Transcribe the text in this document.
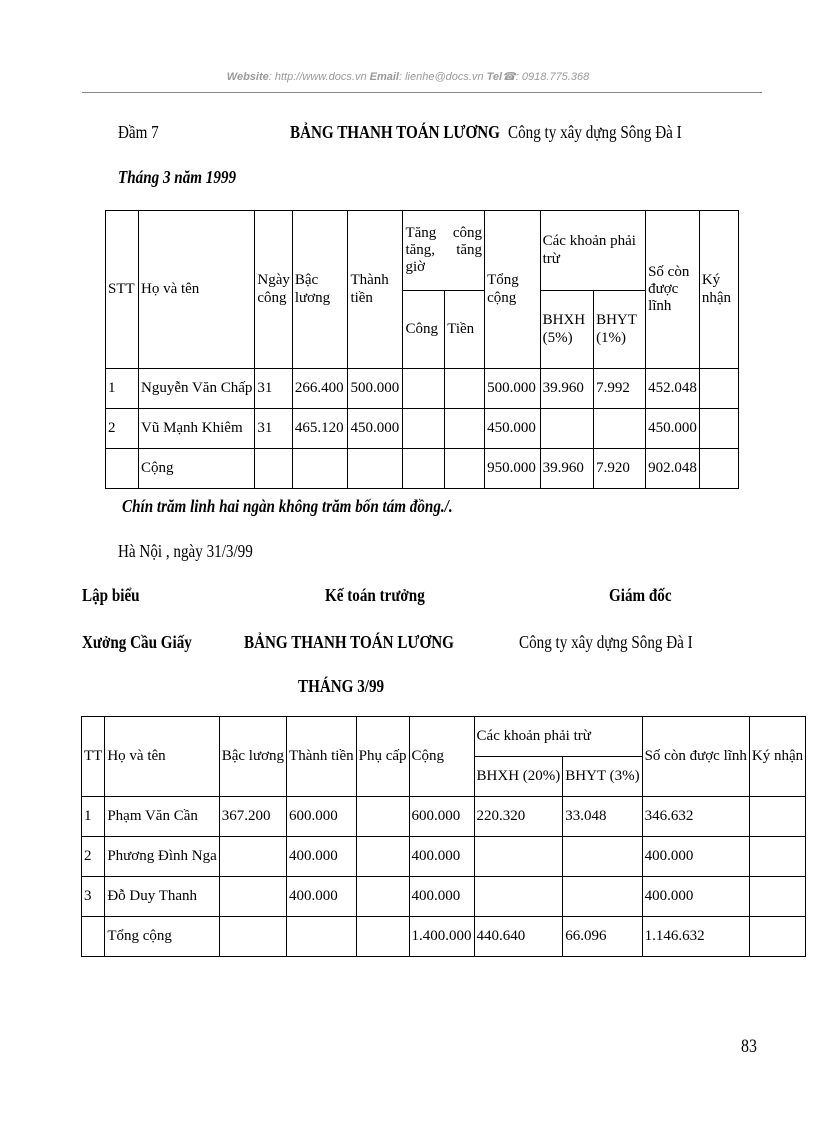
Website: http://www.docs.vn Email: lienhe@docs.vn Tel☎: 0918.775.368
Đầm 7	BẢNG THANH TOÁN LƯƠNG Công ty xây dựng Sông Đà I
Tháng 3 năm 1999
STT	Họ và tên	Ngày công	Bậc lương	Thành tiền	Tăng công tăng, tăng giờ		Tổng cộng	Các khoản phải trừ		Số còn được lĩnh	Ký nhận
					Công	Tiền		BHXH (5%)	BHYT (1%)		

1	Nguyễn Văn Chấp	31	266.400	500.000			500.000	39.960	7.992	452.048	
2	Vũ Mạnh Khiêm	31	465.120	450.000			450.000			450.000	
	Cộng						950.000	39.960	7.920	902.048	
Chín trăm linh hai ngàn không trăm bốn tám đồng./.
Hà Nội , ngày 31/3/99
Lập biểu	Kế toán trưởng	Giám đốc
Xưởng Cầu Giấy	BẢNG THANH TOÁN LƯƠNG	Công ty xây dựng Sông Đà I
THÁNG 3/99
TT	Họ và tên	Bậc lương	Thành tiền	Phụ cấp	Cộng	Các khoản phải trừ		Số còn được lĩnh	Ký nhận
						BHXH (20%)	BHYT (3%)		
1	Phạm Văn Cần	367.200	600.000		600.000	220.320	33.048	346.632	
2	Phương Đình Nga		400.000		400.000			400.000	
3	Đỗ Duy Thanh		400.000		400.000			400.000	
	Tổng cộng				1.400.000	440.640	66.096	1.146.632	
83
